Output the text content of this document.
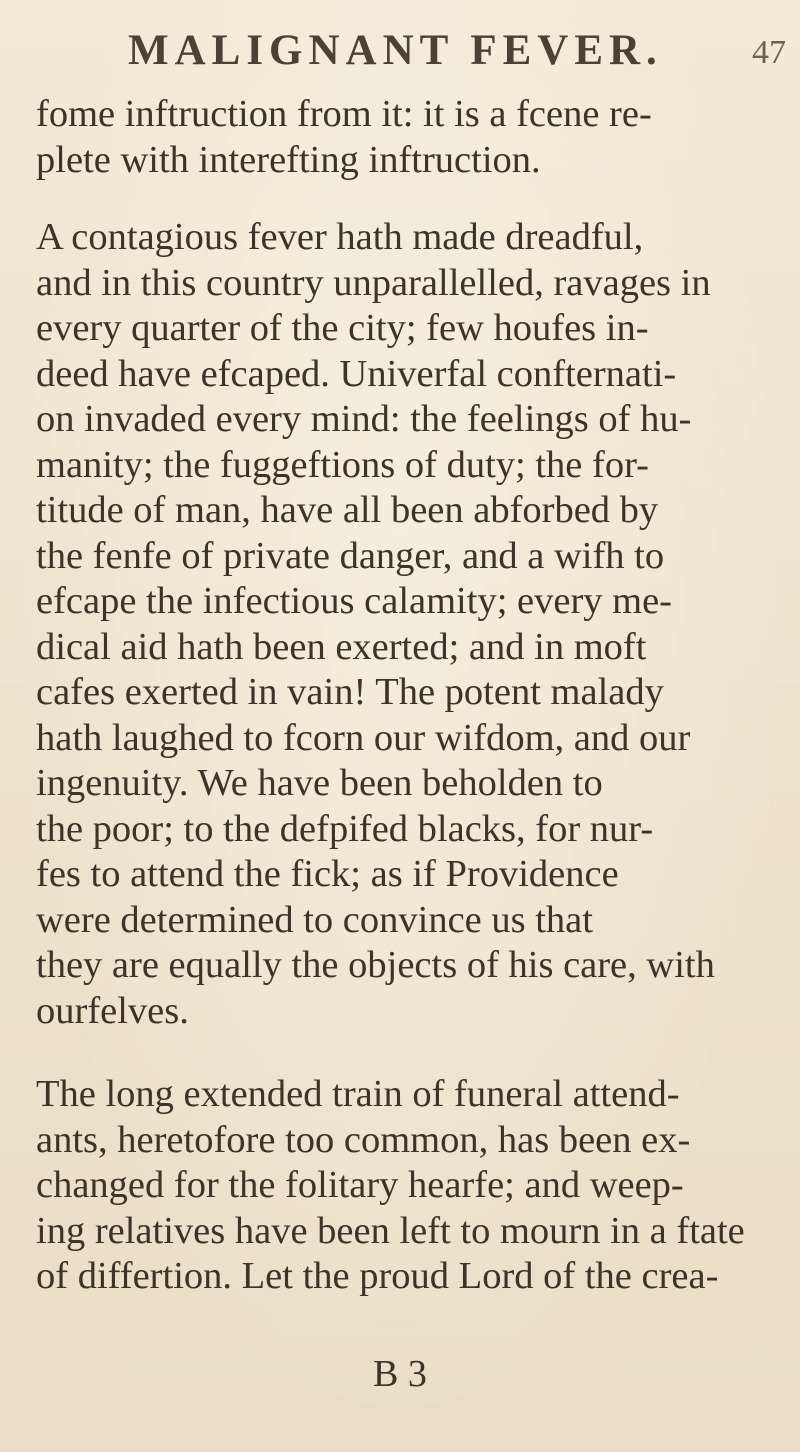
MALIGNANT FEVER.	47
fome inftruction from it: it is a fcene re-
plete with interefting inftruction.
A contagious fever hath made dreadful,
and in this country unparallelled, ravages in
every quarter of the city; few houfes in-
deed have efcaped. Univerfal confternati-
on invaded every mind: the feelings of hu-
manity; the fuggeftions of duty; the for-
titude of man, have all been abforbed by
the fenfe of private danger, and a wifh to
efcape the infectious calamity; every me-
dical aid hath been exerted; and in moft
cafes exerted in vain! The potent malady
hath laughed to fcorn our wifdom, and our
ingenuity. We have been beholden to
the poor; to the defpifed blacks, for nur-
fes to attend the fick; as if Providence
were determined to convince us that
they are equally the objects of his care, with
ourfelves.
The long extended train of funeral attend-
ants, heretofore too common, has been ex-
changed for the folitary hearfe; and weep-
ing relatives have been left to mourn in a ftate
of differtion. Let the proud Lord of the crea-
B 3
